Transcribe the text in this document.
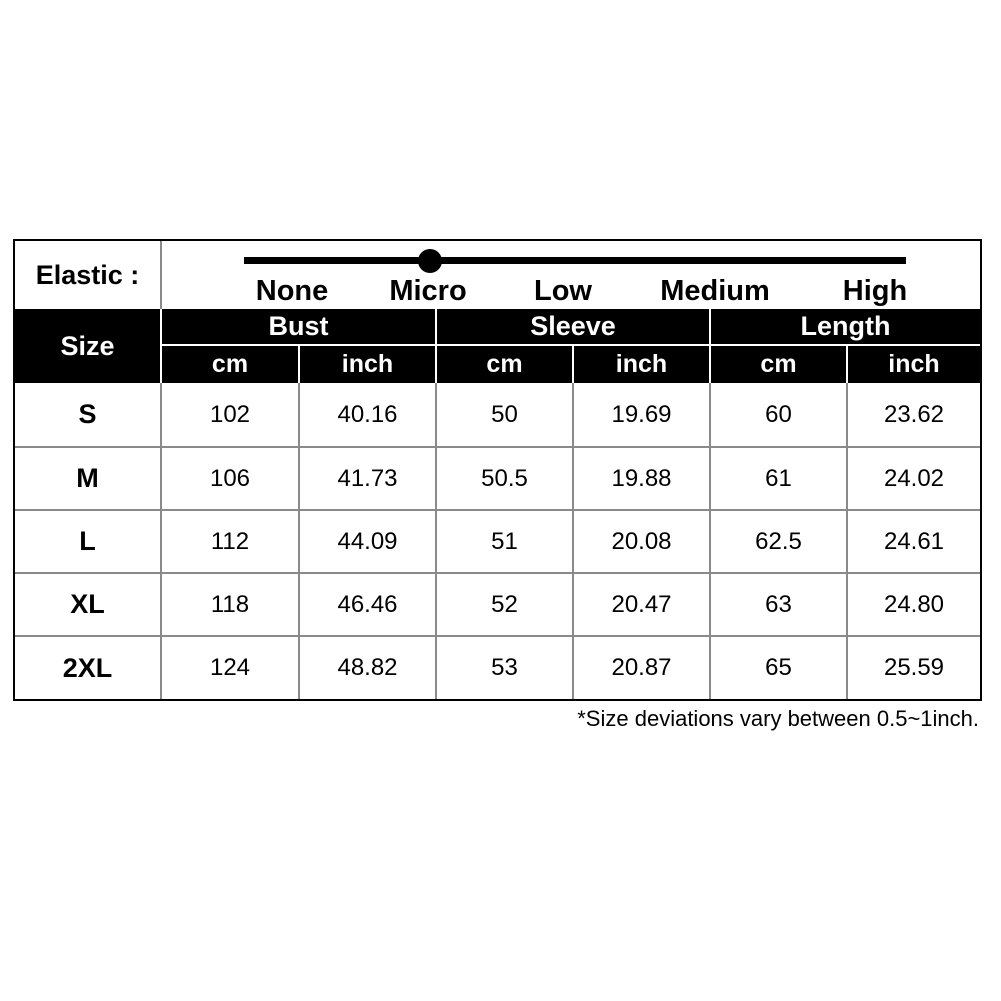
Elastic :	None	Micro	Low	Medium	High
Size
Bust	Sleeve	Length
cm	inch	cm	inch	cm	inch
S	102	40.16	50	19.69	60	23.62
M	106	41.73	50.5	19.88	61	24.02
L	112	44.09	51	20.08	62.5	24.61
XL	118	46.46	52	20.47	63	24.80
2XL	124	48.82	53	20.87	65	25.59
*Size deviations vary between 0.5~1inch.
